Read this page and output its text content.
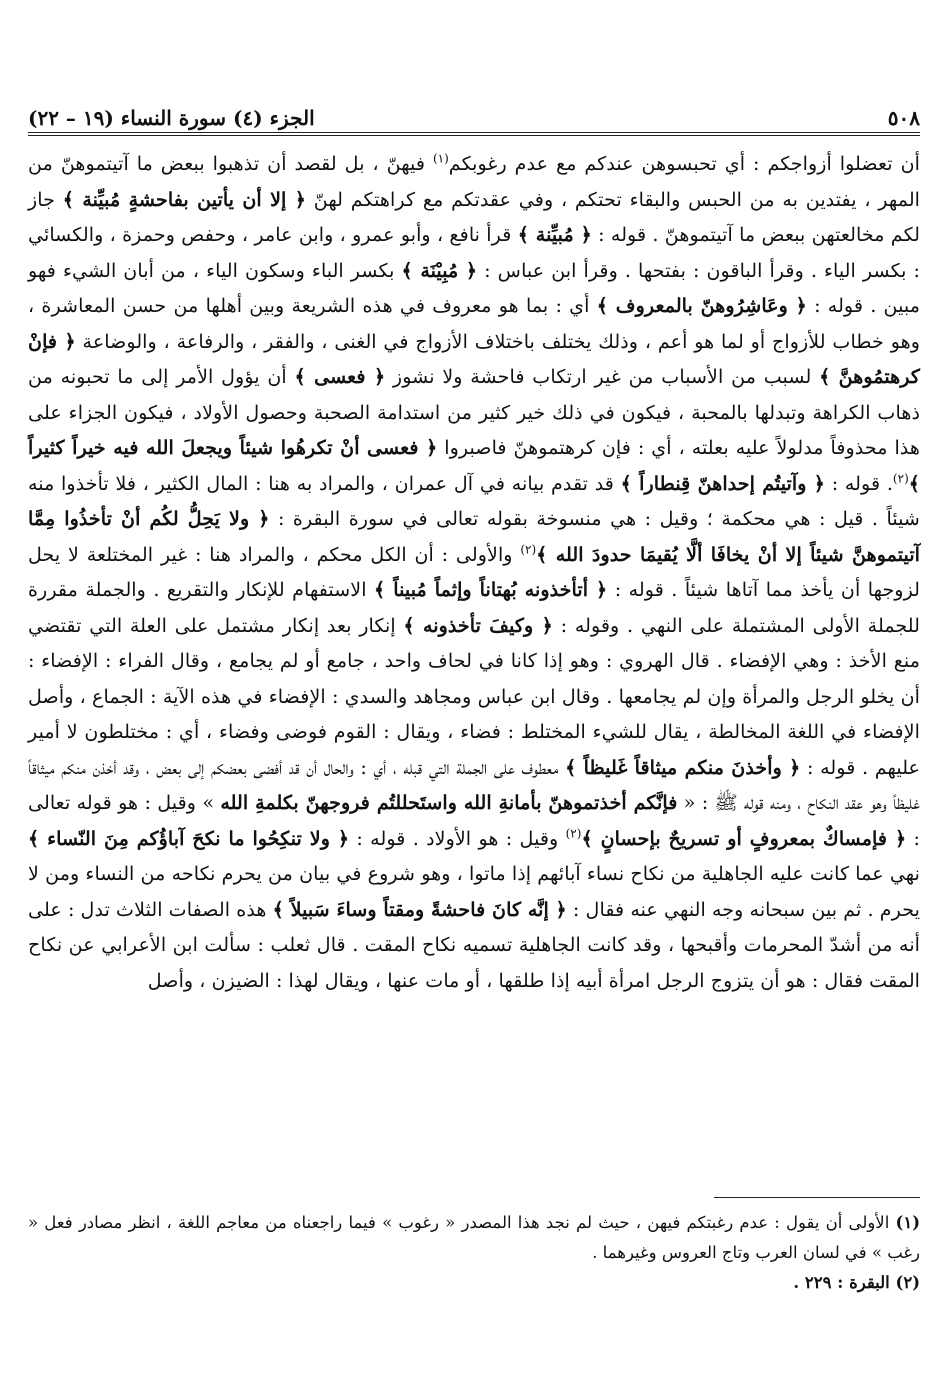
٥٠٨
الجزء (٤) سورة النساء (١٩ – ٢٢)

أن تعضلوا أزواجكم : أي تحبسوهن عندكم مع عدم رغوبكم$^{(١)}$ فيهنّ ، بل لقصد أن تذهبوا ببعض ما آتيتموهنّ من المهر ، يفتدين به من الحبس والبقاء تحتكم ، وفي عقدتكم مع كراهتكم لهنّ ﴿ إلا أن يأتين بفاحشةٍ مُبيِّنة ﴾ جاز لكم مخالعتهن ببعض ما آتيتموهنّ . قوله : ﴿ مُبيِّنة ﴾ قرأ نافع ، وأبو عمرو ، وابن عامر ، وحفص وحمزة ، والكسائي : بكسر الياء . وقرأ الباقون : بفتحها . وقرأ ابن عباس : ﴿ مُبِيْنَة ﴾ بكسر الباء وسكون الياء ، من أبان الشيء فهو مبين . قوله : ﴿ وعَاشِرُوهنّ بالمعروف ﴾ أي : بما هو معروف في هذه الشريعة وبين أهلها من حسن المعاشرة ، وهو خطاب للأزواج أو لما هو أعم ، وذلك يختلف باختلاف الأزواج في الغنى ، والفقر ، والرفاعة ، والوضاعة ﴿ فإنْ كرهتمُوهنَّ ﴾ لسبب من الأسباب من غير ارتكاب فاحشة ولا نشوز ﴿ فعسى ﴾ أن يؤول الأمر إلى ما تحبونه من ذهاب الكراهة وتبدلها بالمحبة ، فيكون في ذلك خير كثير من استدامة الصحبة وحصول الأولاد ، فيكون الجزاء على هذا محذوفاً مدلولاً عليه بعلته ، أي : فإن كرهتموهنّ فاصبروا ﴿ فعسى أنْ تكرهُوا شيئاً ويجعلَ الله فيه خيراً كثيراً ﴾$^{(٢)}$. قوله : ﴿ وآتيتُم إحداهنّ قِنطاراً ﴾ قد تقدم بيانه في آل عمران ، والمراد به هنا : المال الكثير ، فلا تأخذوا منه شيئاً . قيل : هي محكمة ؛ وقيل : هي منسوخة بقوله تعالى في سورة البقرة : ﴿ ولا يَحِلُّ لكُم أنْ تأخذُوا مِمَّا آتيتموهنَّ شيئاً إلا أنْ يخافَا ألَّا يُقيمَا حدودَ الله ﴾$^{(٢)}$ والأولى : أن الكل محكم ، والمراد هنا : غير المختلعة لا يحل لزوجها أن يأخذ مما آتاها شيئاً . قوله : ﴿ أتأخذونه بُهتاناً وإثماً مُبيناً ﴾ الاستفهام للإنكار والتقريع . والجملة مقررة للجملة الأولى المشتملة على النهي . وقوله : ﴿ وكيفَ تأخذونه ﴾ إنكار بعد إنكار مشتمل على العلة التي تقتضي منع الأخذ : وهي الإفضاء . قال الهروي : وهو إذا كانا في لحاف واحد ، جامع أو لم يجامع ، وقال الفراء : الإفضاء : أن يخلو الرجل والمرأة وإن لم يجامعها . وقال ابن عباس ومجاهد والسدي : الإفضاء في هذه الآية : الجماع ، وأصل الإفضاء في اللغة المخالطة ، يقال للشيء المختلط : فضاء ، ويقال : القوم فوضى وفضاء ، أي : مختلطون لا أمير عليهم . قوله : ﴿ وأخذنَ منكم ميثاقاً غَليظاً ﴾ معطوف على الجملة التي قبله ، أي : والحال أن قد أفضى بعضكم إلى بعض ، وقد أخذن منكم ميثاقاً غليظاً وهو عقد النكاح ، ومنه قوله ﷺ : « فإنَّكم أخذتموهنّ بأمانةِ الله واستَحللتُم فروجهنّ بكلمةِ الله » وقيل : هو قوله تعالى : ﴿ فإمساكٌ بمعروفٍ أو تسريحٌ بإحسانٍ ﴾$^{(٢)}$ وقيل : هو الأولاد . قوله : ﴿ ولا تنكِحُوا ما نكحَ آباؤُكم مِنَ النّساء ﴾ نهي عما كانت عليه الجاهلية من نكاح نساء آبائهم إذا ماتوا ، وهو شروع في بيان من يحرم نكاحه من النساء ومن لا يحرم . ثم بين سبحانه وجه النهي عنه فقال : ﴿ إنَّه كانَ فاحشةً ومقتاً وساءَ سَبيلاً ﴾ هذه الصفات الثلاث تدل : على أنه من أشدّ المحرمات وأقبحها ، وقد كانت الجاهلية تسميه نكاح المقت . قال ثعلب : سألت ابن الأعرابي عن نكاح المقت فقال : هو أن يتزوج الرجل امرأة أبيه إذا طلقها ، أو مات عنها ، ويقال لهذا : الضيزن ، وأصل

(١) الأولى أن يقول : عدم رغبتكم فيهن ، حيث لم نجد هذا المصدر « رغوب » فيما راجعناه من معاجم اللغة ، انظر مصادر فعل « رغب » في لسان العرب وتاج العروس وغيرهما .

(٢) البقرة : ٢٢٩ .
